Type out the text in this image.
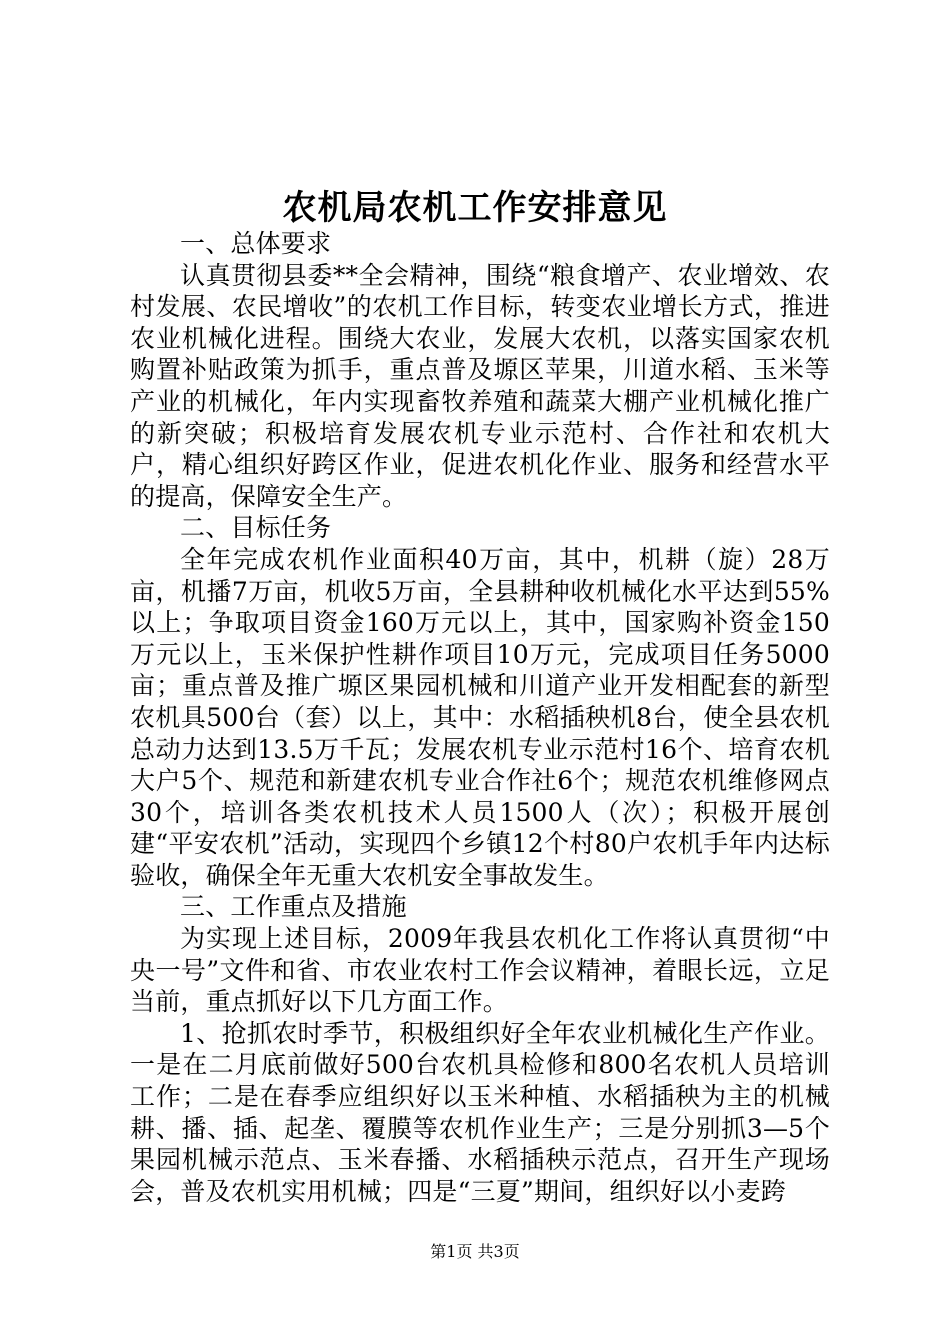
农机局农机工作安排意见

一、总体要求

认真贯彻县委**全会精神，围绕“粮食增产、农业增效、农村发展、农民增收”的农机工作目标，转变农业增长方式，推进农业机械化进程。围绕大农业，发展大农机，以落实国家农机购置补贴政策为抓手，重点普及塬区苹果，川道水稻、玉米等产业的机械化，年内实现畜牧养殖和蔬菜大棚产业机械化推广的新突破；积极培育发展农机专业示范村、合作社和农机大户，精心组织好跨区作业，促进农机化作业、服务和经营水平的提高，保障安全生产。

二、目标任务

全年完成农机作业面积40万亩，其中，机耕（旋）28万亩，机播7万亩，机收5万亩，全县耕种收机械化水平达到55%以上；争取项目资金160万元以上，其中，国家购补资金150万元以上，玉米保护性耕作项目10万元，完成项目任务5000亩；重点普及推广塬区果园机械和川道产业开发相配套的新型农机具500台（套）以上，其中：水稻插秧机8台，使全县农机总动力达到13.5万千瓦；发展农机专业示范村16个、培育农机大户5个、规范和新建农机专业合作社6个；规范农机维修网点30个，培训各类农机技术人员1500人（次）；积极开展创建“平安农机”活动，实现四个乡镇12个村80户农机手年内达标验收，确保全年无重大农机安全事故发生。

三、工作重点及措施

为实现上述目标，2009年我县农机化工作将认真贯彻“中央一号”文件和省、市农业农村工作会议精神，着眼长远，立足当前，重点抓好以下几方面工作。

1、抢抓农时季节，积极组织好全年农业机械化生产作业。一是在二月底前做好500台农机具检修和800名农机人员培训工作；二是在春季应组织好以玉米种植、水稻插秧为主的机械耕、播、插、起垄、覆膜等农机作业生产；三是分别抓3—5个果园机械示范点、玉米春播、水稻插秧示范点，召开生产现场会，普及农机实用机械；四是“三夏”期间，组织好以小麦跨

第1页 共3页
